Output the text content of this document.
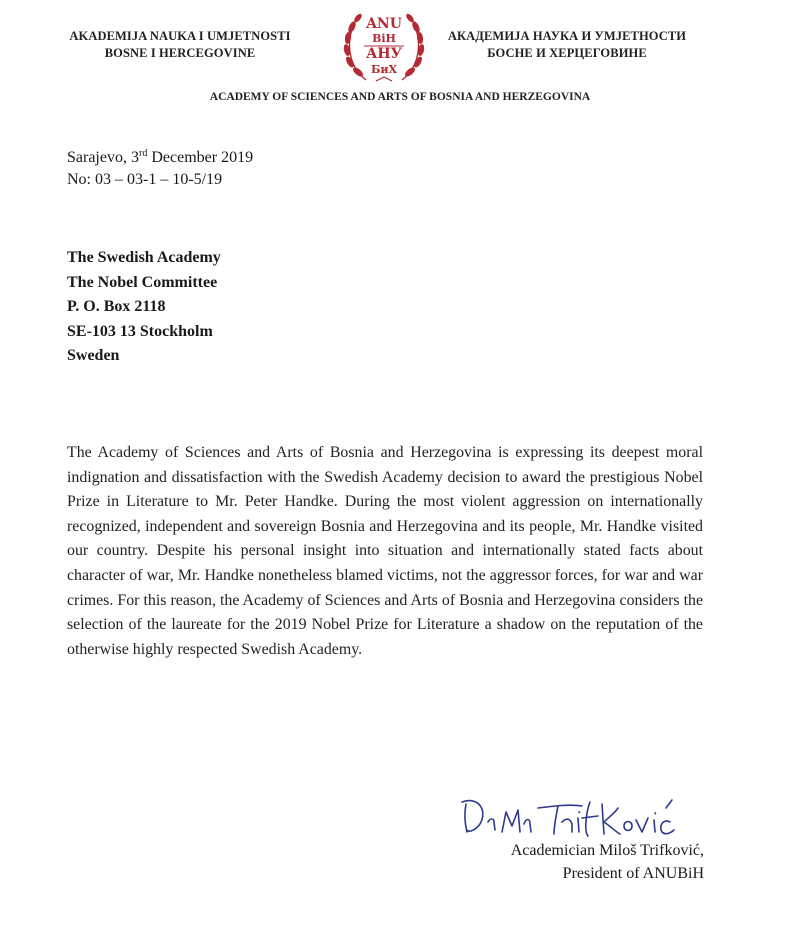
AKADEMIJA NAUKA I UMJETNOSTI
BOSNE I HERCEGOVINE
ANU
BiH
АНУ
БиХ
АКАДЕМИЈА НАУКА И УМЈЕТНОСТИ
БОСНЕ И ХЕРЦЕГОВИНЕ
ACADEMY OF SCIENCES AND ARTS OF BOSNIA AND HERZEGOVINA
Sarajevo, 3rd December 2019
No: 03 – 03-1 – 10-5/19
The Swedish Academy
The Nobel Committee
P. O. Box 2118
SE-103 13 Stockholm
Sweden

The Academy of Sciences and Arts of Bosnia and Herzegovina is expressing its deepest moral indignation and dissatisfaction with the Swedish Academy decision to award the prestigious Nobel Prize in Literature to Mr. Peter Handke. During the most violent aggression on internationally recognized, independent and sovereign Bosnia and Herzegovina and its people, Mr. Handke visited our country. Despite his personal insight into situation and internationally stated facts about character of war, Mr. Handke nonetheless blamed victims, not the aggressor forces, for war and war crimes. For this reason, the Academy of Sciences and Arts of Bosnia and Herzegovina considers the selection of the laureate for the 2019 Nobel Prize for Literature a shadow on the reputation of the otherwise highly respected Swedish Academy.

Academician Miloš Trifković,
President of ANUBiH
